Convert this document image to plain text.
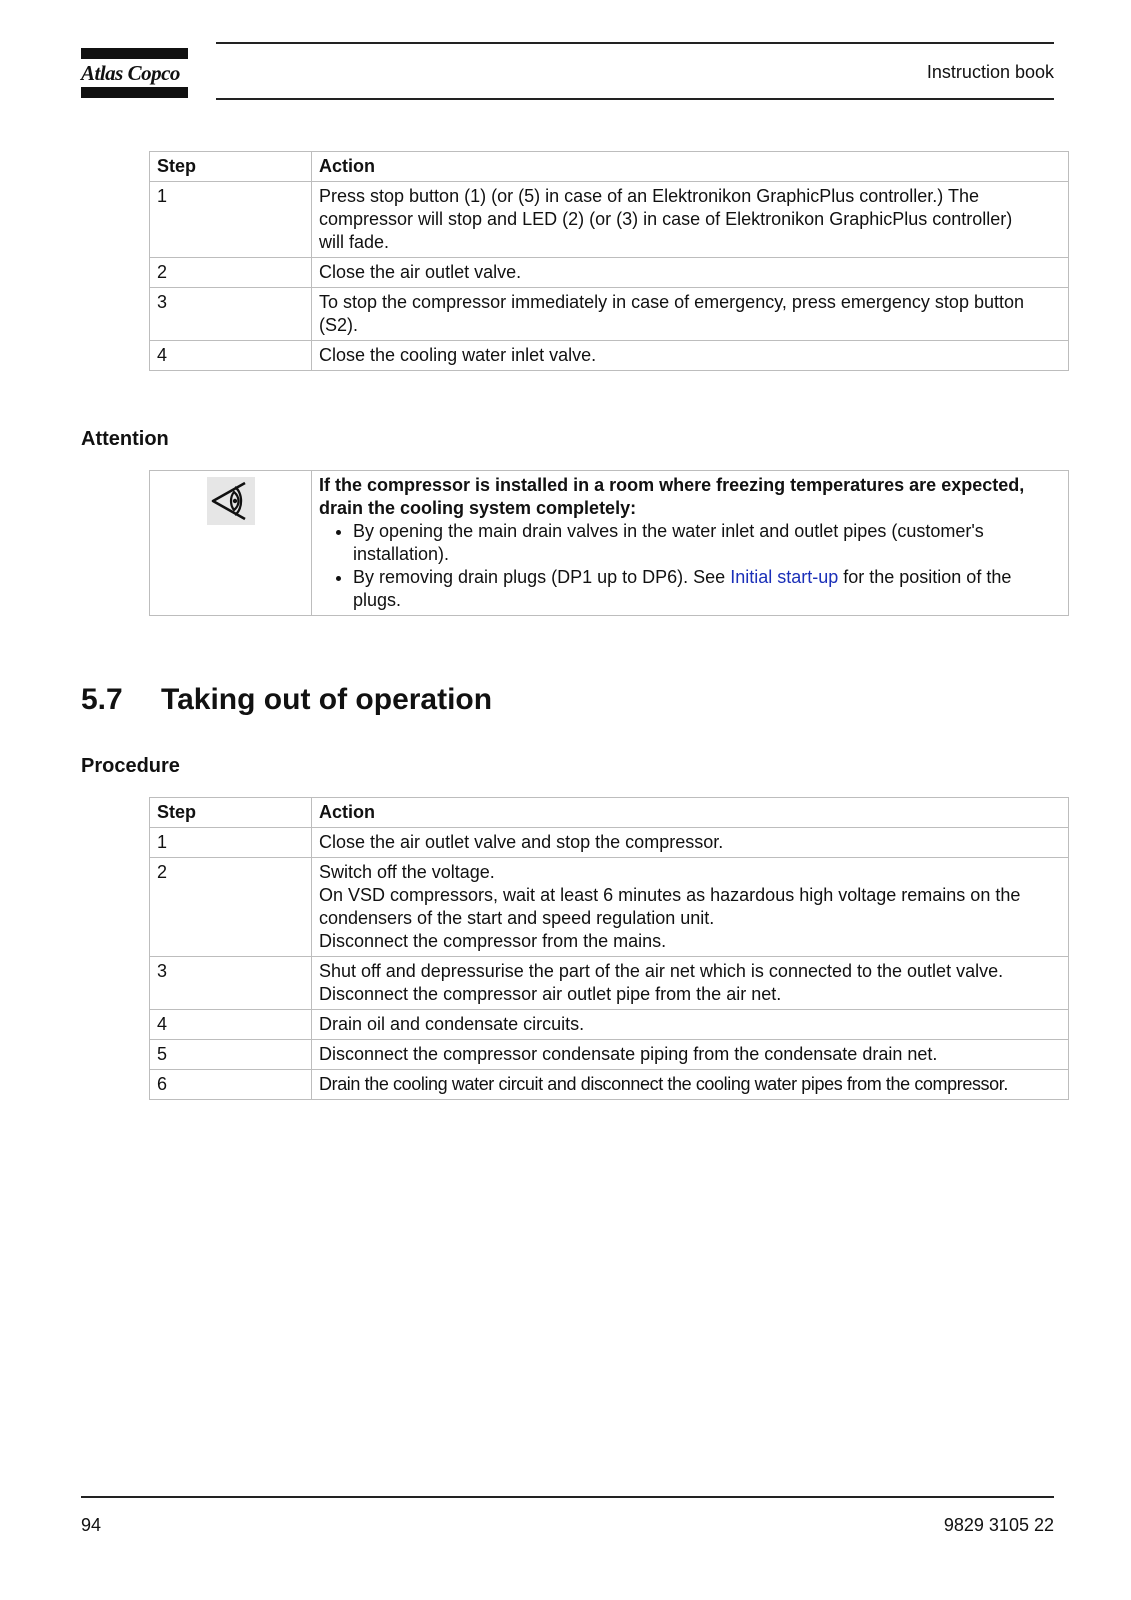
Atlas Copco	Instruction book
Step	Action
1	Press stop button (1) (or (5) in case of an Elektronikon GraphicPlus controller.) The
compressor will stop and LED (2) (or (3) in case of Elektronikon GraphicPlus controller)
will fade.

2	Close the air outlet valve.

3	To stop the compressor immediately in case of emergency, press emergency stop button
(S2).

4	Close the cooling water inlet valve.
Attention

If the compressor is installed in a room where freezing temperatures are expected,
drain the cooling system completely:
• By opening the main drain valves in the water inlet and outlet pipes (customer's
installation).
• By removing drain plugs (DP1 up to DP6). See Initial start-up for the position of the
plugs.
5.7 Taking out of operation
Procedure
Step	Action
1	Close the air outlet valve and stop the compressor.

2	Switch off the voltage.
On VSD compressors, wait at least 6 minutes as hazardous high voltage remains on the
condensers of the start and speed regulation unit.
Disconnect the compressor from the mains.

3	Shut off and depressurise the part of the air net which is connected to the outlet valve.
Disconnect the compressor air outlet pipe from the air net.

4	Drain oil and condensate circuits.

5	Disconnect the compressor condensate piping from the condensate drain net.

6	Drain the cooling water circuit and disconnect the cooling water pipes from the compressor.
94	9829 3105 22
